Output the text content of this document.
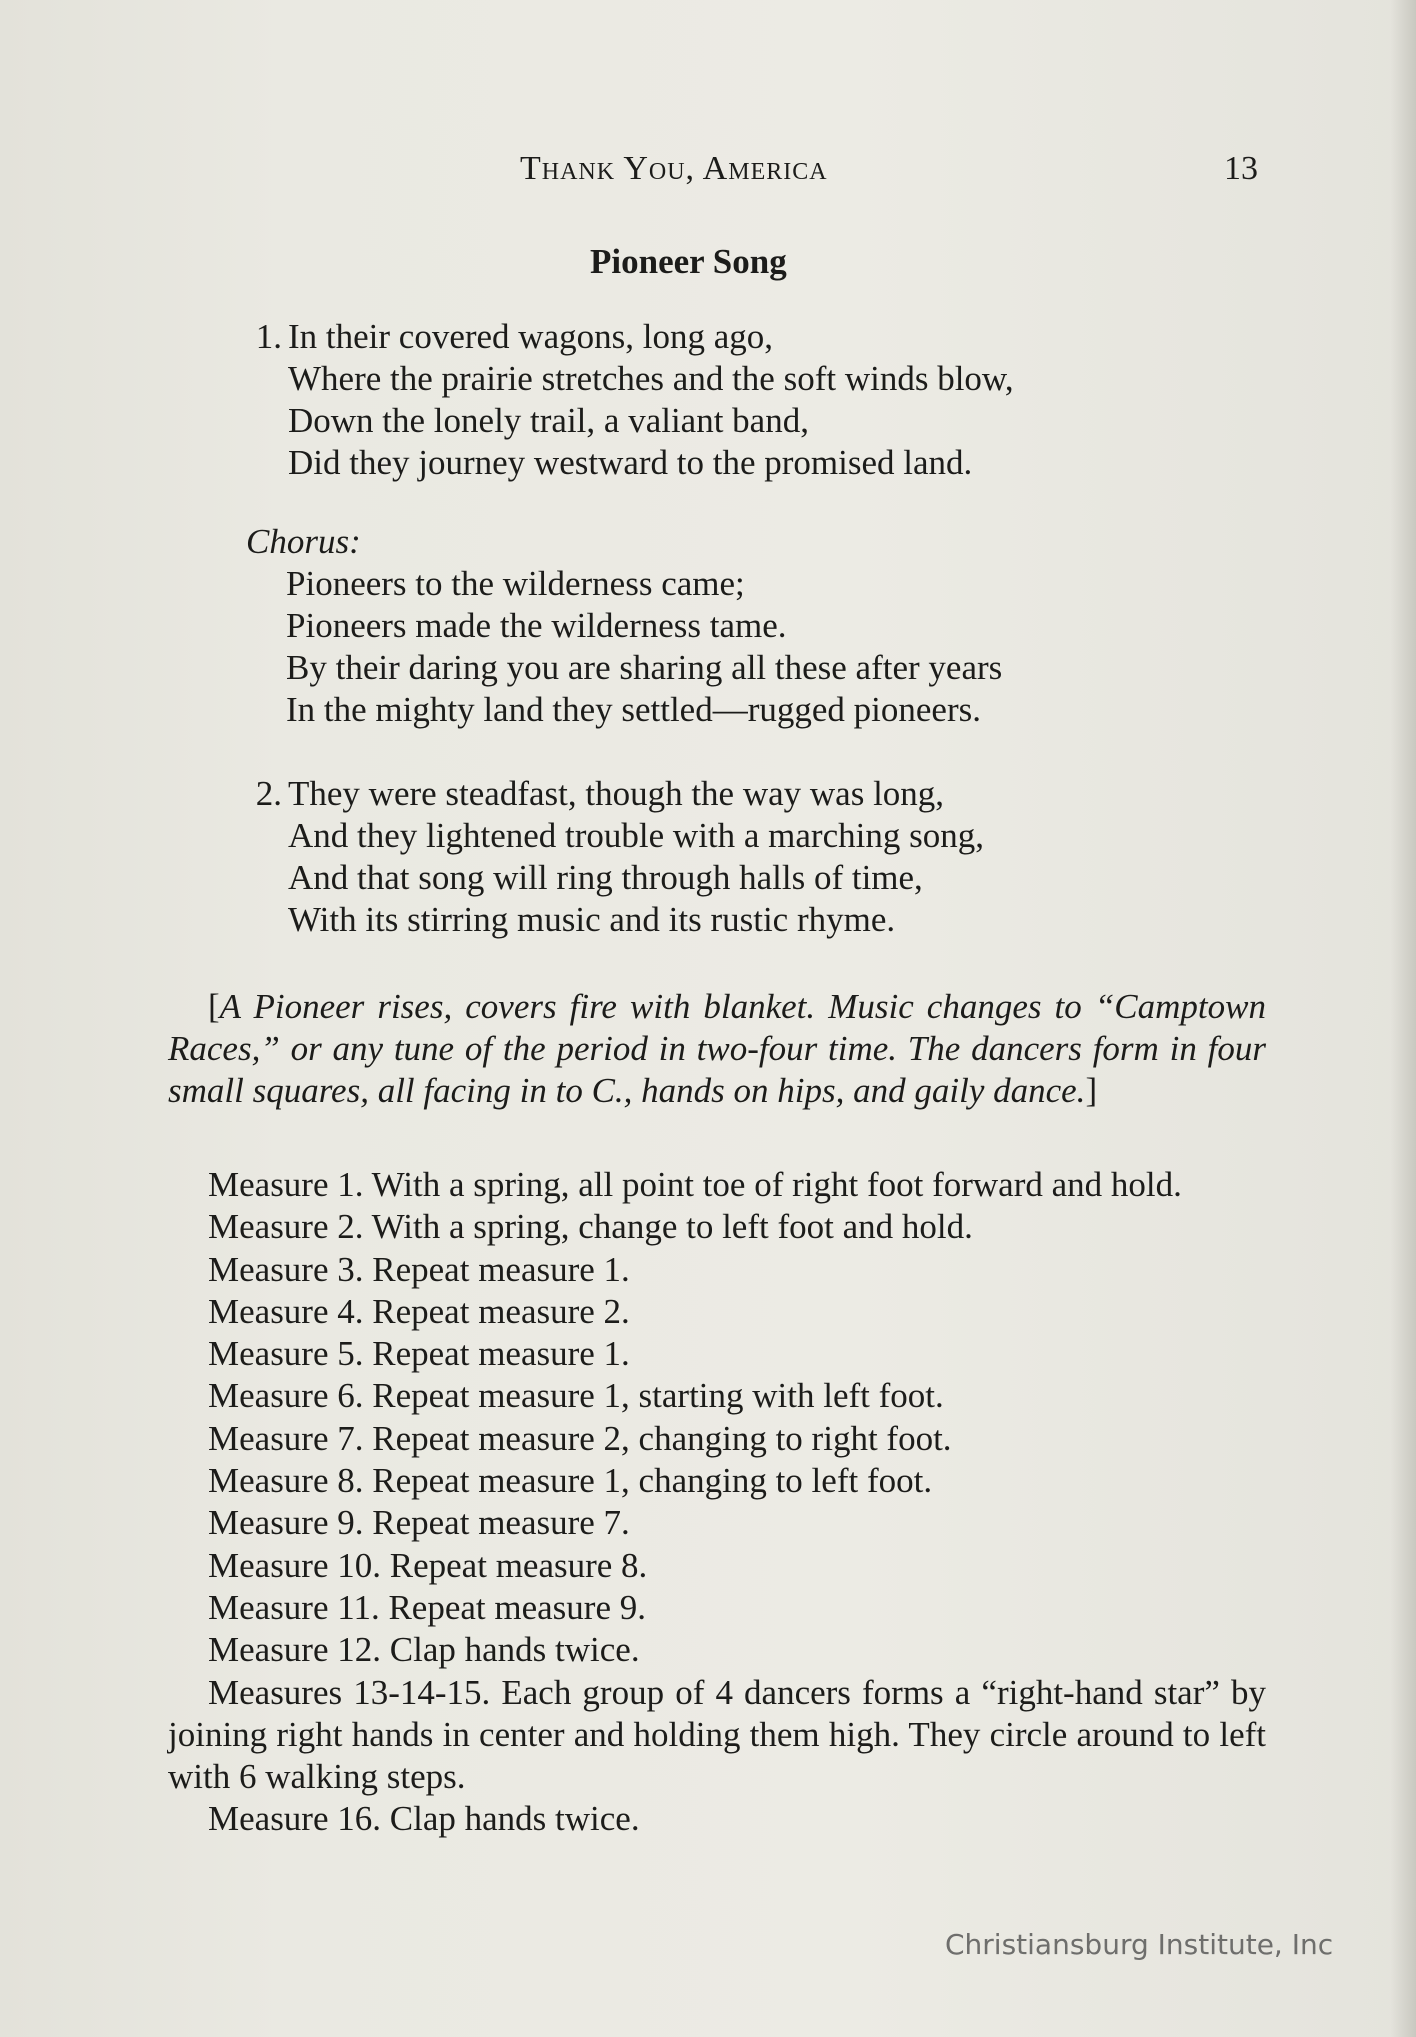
Thank You, America	13
Pioneer Song
1. In their covered wagons, long ago,
Where the prairie stretches and the soft winds blow,
Down the lonely trail, a valiant band,
Did they journey westward to the promised land.
Chorus:
Pioneers to the wilderness came;
Pioneers made the wilderness tame.
By their daring you are sharing all these after years
In the mighty land they settled—rugged pioneers.
2. They were steadfast, though the way was long,
And they lightened trouble with a marching song,
And that song will ring through halls of time,
With its stirring music and its rustic rhyme.
[A Pioneer rises, covers fire with blanket. Music changes to “Camptown Races,” or any tune of the period in two-four time. The dancers form in four small squares, all facing in to C., hands on hips, and gaily dance.]
Measure 1. With a spring, all point toe of right foot forward and hold.
Measure 2. With a spring, change to left foot and hold.
Measure 3. Repeat measure 1.
Measure 4. Repeat measure 2.
Measure 5. Repeat measure 1.
Measure 6. Repeat measure 1, starting with left foot.
Measure 7. Repeat measure 2, changing to right foot.
Measure 8. Repeat measure 1, changing to left foot.
Measure 9. Repeat measure 7.
Measure 10. Repeat measure 8.
Measure 11. Repeat measure 9.
Measure 12. Clap hands twice.
Measures 13-14-15. Each group of 4 dancers forms a “right-hand star” by joining right hands in center and holding them high. They circle around to left with 6 walking steps.
Measure 16. Clap hands twice.
Christiansburg Institute, Inc
